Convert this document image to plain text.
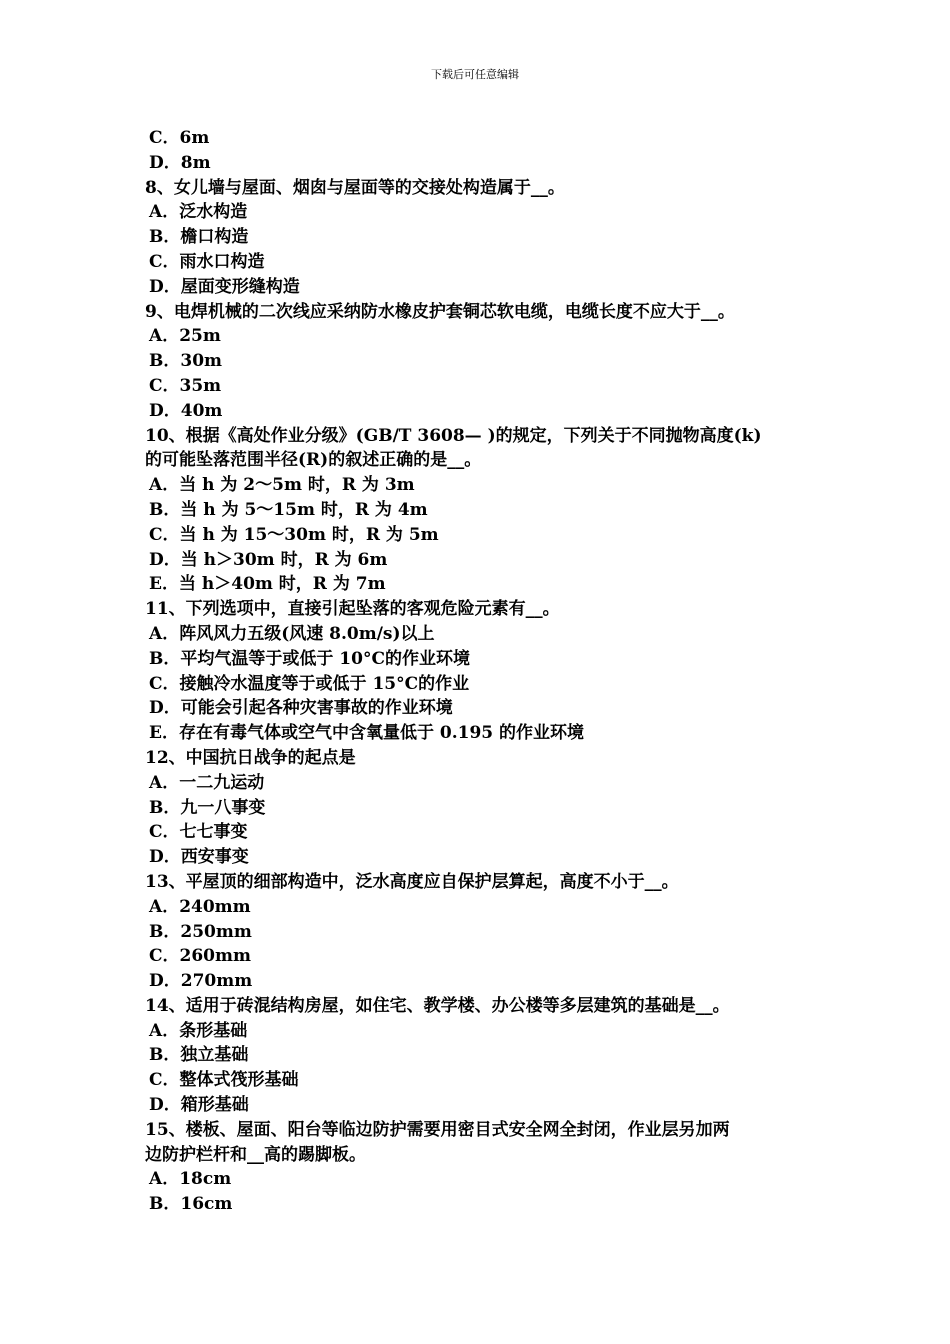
下载后可任意编辑
C．6m
D．8m
8、女儿墙与屋面、烟囱与屋面等的交接处构造属于__。
A．泛水构造
B．檐口构造
C．雨水口构造
D．屋面变形缝构造
9、电焊机械的二次线应采纳防水橡皮护套铜芯软电缆，电缆长度不应大于__。
A．25m
B．30m
C．35m
D．40m
10、根据《高处作业分级》(GB/T 3608— )的规定，下列关于不同抛物高度(k)
的可能坠落范围半径(R)的叙述正确的是__。
A．当 h 为 2～5m 时，R 为 3m
B．当 h 为 5～15m 时，R 为 4m
C．当 h 为 15～30m 时，R 为 5m
D．当 h＞30m 时，R 为 6m
E．当 h＞40m 时，R 为 7m
11、下列选项中，直接引起坠落的客观危险元素有__。
A．阵风风力五级(风速 8.0m/s)以上
B．平均气温等于或低于 10°C的作业环境
C．接触冷水温度等于或低于 15°C的作业
D．可能会引起各种灾害事故的作业环境
E．存在有毒气体或空气中含氧量低于 0.195 的作业环境
12、中国抗日战争的起点是
A．一二九运动
B．九一八事变
C．七七事变
D．西安事变
13、平屋顶的细部构造中，泛水高度应自保护层算起，高度不小于__。
A．240mm
B．250mm
C．260mm
D．270mm
14、适用于砖混结构房屋，如住宅、教学楼、办公楼等多层建筑的基础是__。
A．条形基础
B．独立基础
C．整体式筏形基础
D．箱形基础
15、楼板、屋面、阳台等临边防护需要用密目式安全网全封闭，作业层另加两
边防护栏杆和__高的踢脚板。
A．18cm
B．16cm
